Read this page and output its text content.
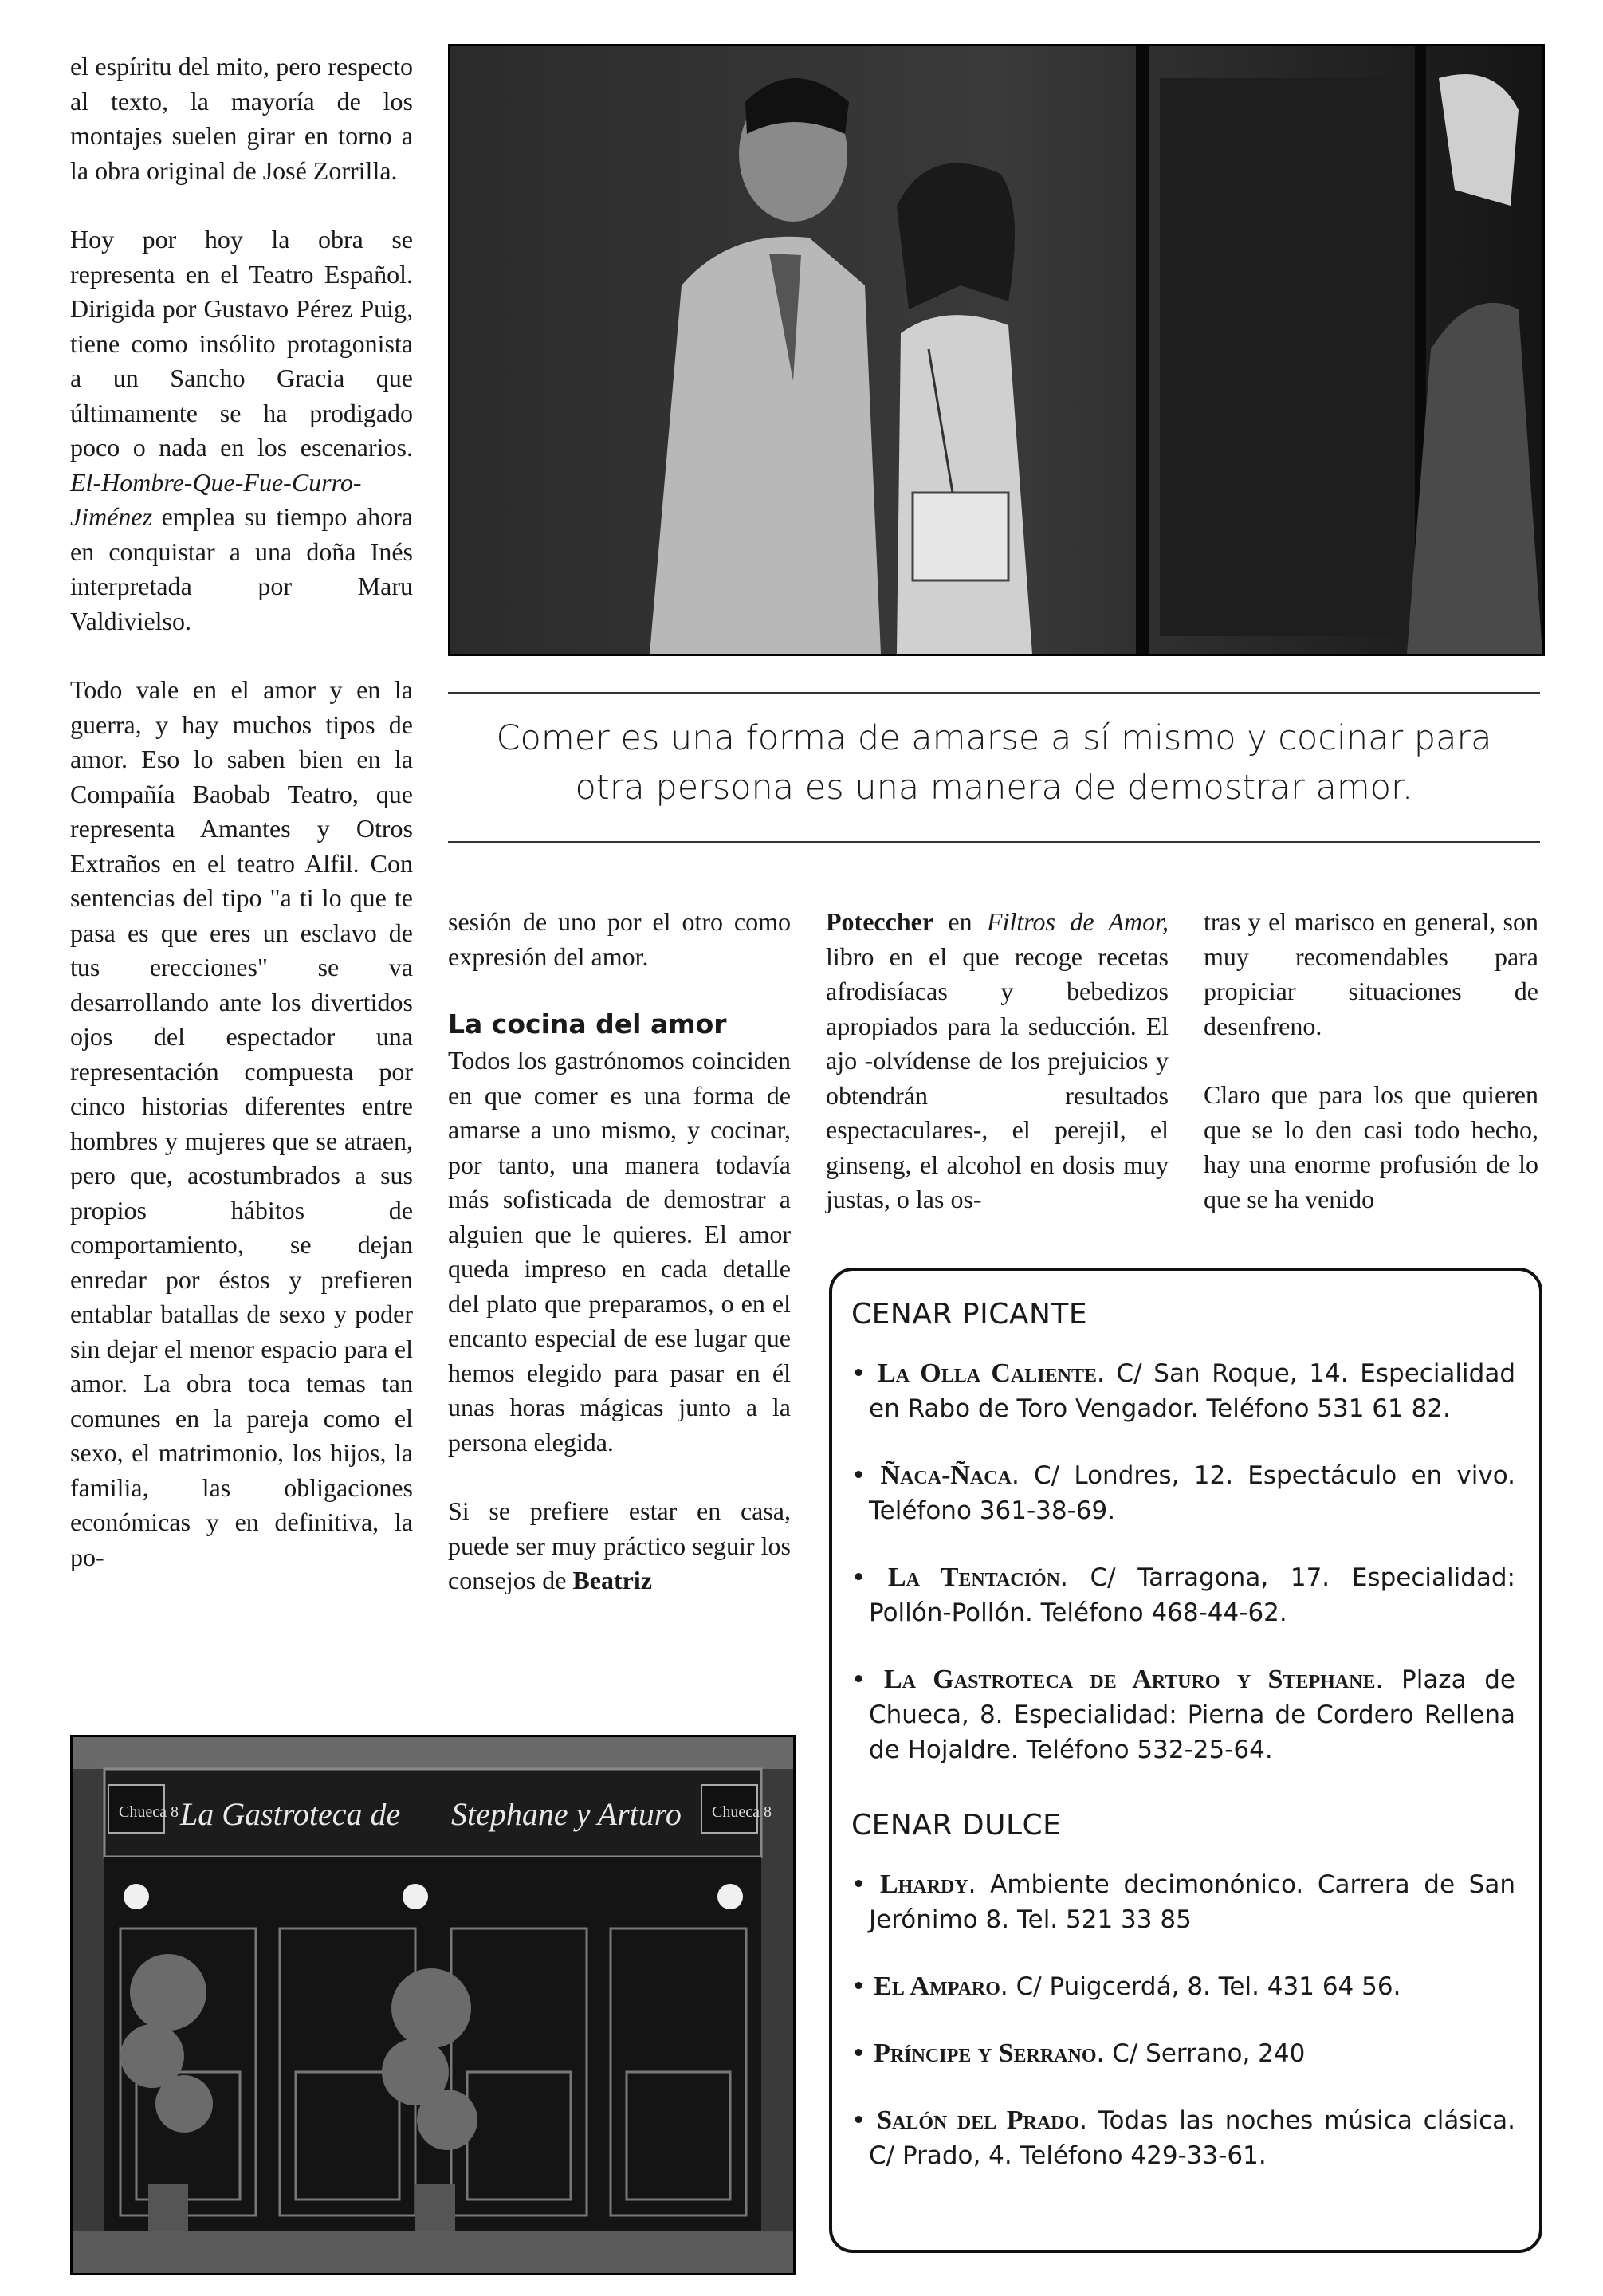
el espíritu del mito, pero respecto al texto, la mayoría de los montajes suelen girar en torno a la obra original de José Zorrilla.

Hoy por hoy la obra se representa en el Teatro Español. Dirigida por Gustavo Pérez Puig, tiene como insólito protagonista a un Sancho Gracia que últimamente se ha prodigado poco o nada en los escenarios. El-Hombre-Que-Fue-Curro-Jiménez emplea su tiempo ahora en conquistar a una doña Inés interpretada por Maru Valdivielso.

Todo vale en el amor y en la guerra, y hay muchos tipos de amor. Eso lo saben bien en la Compañía Baobab Teatro, que representa Amantes y Otros Extraños en el teatro Alfil. Con sentencias del tipo "a ti lo que te pasa es que eres un esclavo de tus erecciones" se va desarrollando ante los divertidos ojos del espectador una representación compuesta por cinco historias diferentes entre hombres y mujeres que se atraen, pero que, acostumbrados a sus propios hábitos de comportamiento, se dejan enredar por éstos y prefieren entablar batallas de sexo y poder sin dejar el menor espacio para el amor. La obra toca temas tan comunes en la pareja como el sexo, el matrimonio, los hijos, la familia, las obligaciones económicas y en definitiva, la po-

Comer es una forma de amarse a sí mismo y cocinar para
otra persona es una manera de demostrar amor.

sesión de uno por el otro como expresión del amor.

La cocina del amor

Todos los gastrónomos coinciden en que comer es una forma de amarse a uno mismo, y cocinar, por tanto, una manera todavía más sofisticada de demostrar a alguien que le quieres. El amor queda impreso en cada detalle del plato que preparamos, o en el encanto especial de ese lugar que hemos elegido para pasar en él unas horas mágicas junto a la persona elegida.

Si se prefiere estar en casa, puede ser muy práctico seguir los consejos de Beatriz

Poteccher en Filtros de Amor, libro en el que recoge recetas afrodisíacas y bebedizos apropiados para la seducción. El ajo -olvídense de los prejuicios y obtendrán resultados espectaculares-, el perejil, el ginseng, el alcohol en dosis muy justas, o las os-

tras y el marisco en general, son muy recomendables para propiciar situaciones de desenfreno.

Claro que para los que quieren que se lo den casi todo hecho, hay una enorme profusión de lo que se ha venido

Chueca 8	Chueca 8
La Gastroteca de Stephane y Arturo
CENAR PICANTE
• La Olla Caliente. C/ San Roque, 14. Especialidad en Rabo de Toro Vengador. Teléfono 531 61 82.
• Ñaca-Ñaca. C/ Londres, 12. Espectáculo en vivo. Teléfono 361-38-69.
• La Tentación. C/ Tarragona, 17. Especialidad: Pollón-Pollón. Teléfono 468-44-62.
• La Gastroteca de Arturo y Stephane. Plaza de Chueca, 8. Especialidad: Pierna de Cordero Rellena de Hojaldre. Teléfono 532-25-64.
CENAR DULCE
• Lhardy. Ambiente decimonónico. Carrera de San Jerónimo 8. Tel. 521 33 85
• El Amparo. C/ Puigcerdá, 8. Tel. 431 64 56.
• Príncipe y Serrano. C/ Serrano, 240
• Salón del Prado. Todas las noches música clásica. C/ Prado, 4. Teléfono 429-33-61.
